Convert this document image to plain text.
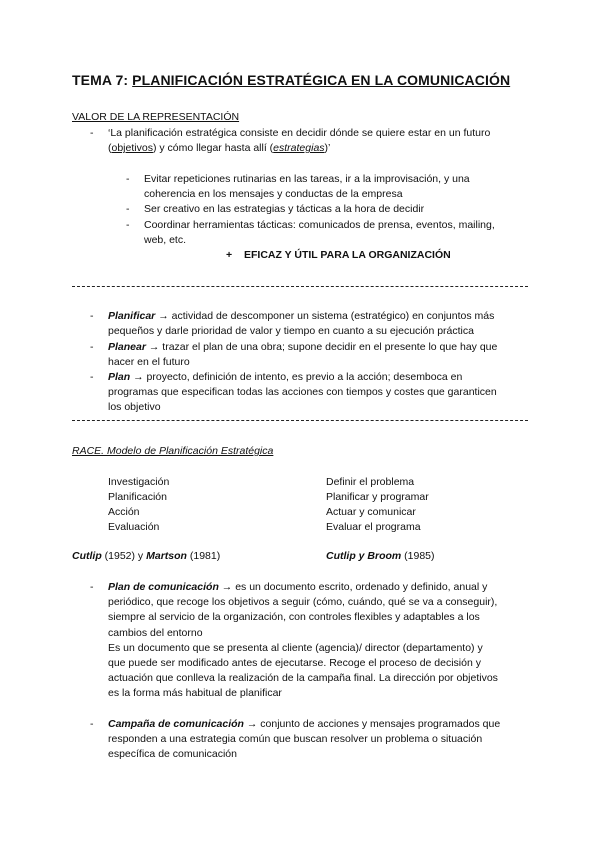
TEMA 7: PLANIFICACIÓN ESTRATÉGICA EN LA COMUNICACIÓN
VALOR DE LA REPRESENTACIÓN
- ‘La planificación estratégica consiste en decidir dónde se quiere estar en un futuro
(objetivos) y cómo llegar hasta allí (estrategias)’
- Evitar repeticiones rutinarias en las tareas, ir a la improvisación, y una
coherencia en los mensajes y conductas de la empresa
- Ser creativo en las estrategias y tácticas a la hora de decidir
- Coordinar herramientas tácticas: comunicados de prensa, eventos, mailing,
web, etc.
+ EFICAZ Y ÚTIL PARA LA ORGANIZACIÓN
- Planificar → actividad de descomponer un sistema (estratégico) en conjuntos más
pequeños y darle prioridad de valor y tiempo en cuanto a su ejecución práctica
- Planear → trazar el plan de una obra; supone decidir en el presente lo que hay que
hacer en el futuro
- Plan → proyecto, definición de intento, es previo a la acción; desemboca en
programas que especifican todas las acciones con tiempos y costes que garanticen
los objetivo
RACE. Modelo de Planificación Estratégica
Investigación
Planificación
Acción
Evaluación
Definir el problema
Planificar y programar
Actuar y comunicar
Evaluar el programa
Cutlip (1952) y Martson (1981)	Cutlip y Broom (1985)
- Plan de comunicación → es un documento escrito, ordenado y definido, anual y
periódico, que recoge los objetivos a seguir (cómo, cuándo, qué se va a conseguir),
siempre al servicio de la organización, con controles flexibles y adaptables a los
cambios del entorno
Es un documento que se presenta al cliente (agencia)/ director (departamento) y
que puede ser modificado antes de ejecutarse. Recoge el proceso de decisión y
actuación que conlleva la realización de la campaña final. La dirección por objetivos
es la forma más habitual de planificar
- Campaña de comunicación → conjunto de acciones y mensajes programados que
responden a una estrategia común que buscan resolver un problema o situación
específica de comunicación
